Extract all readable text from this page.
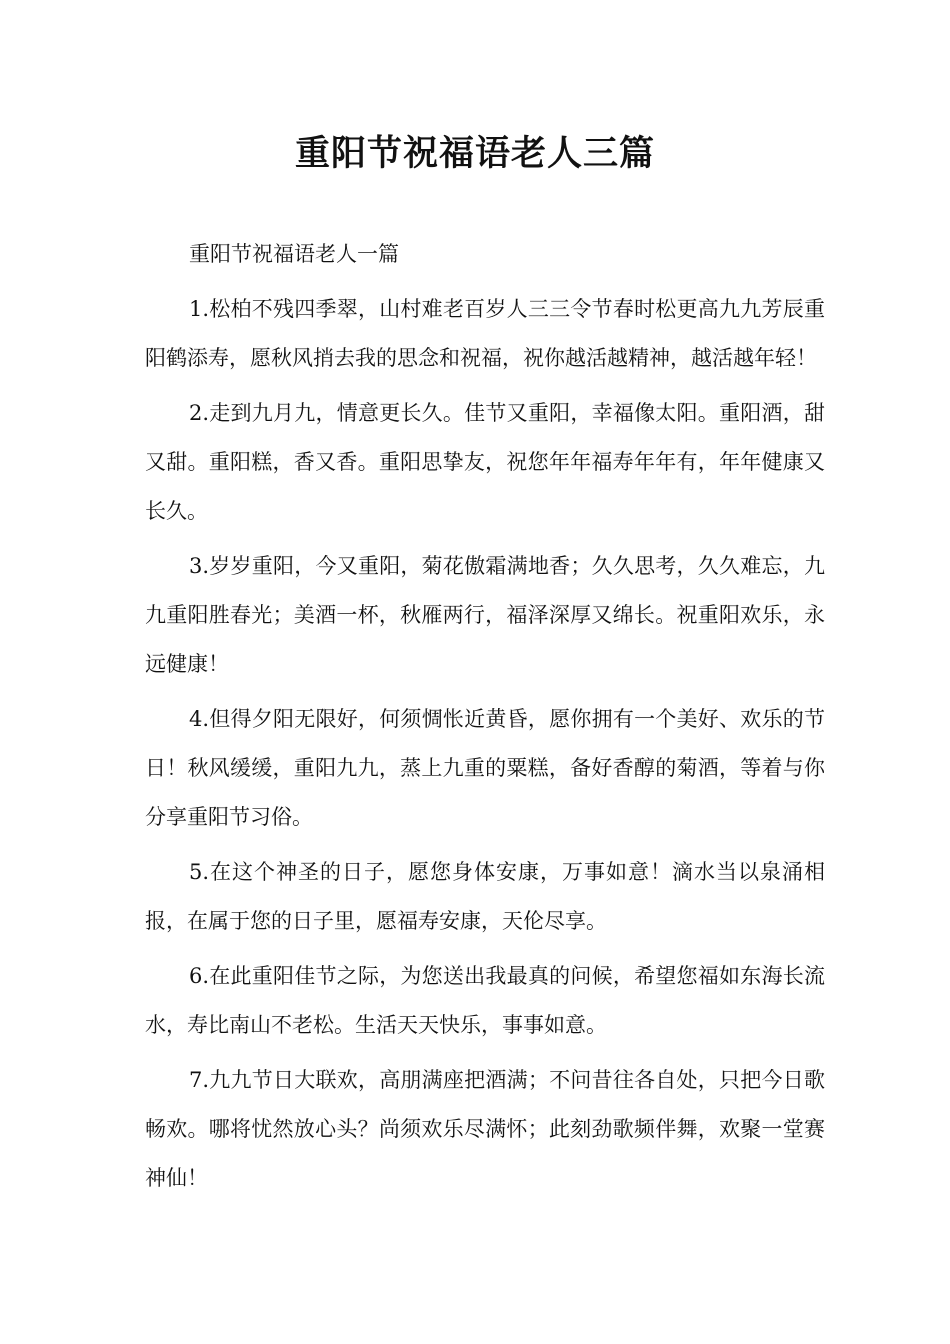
重阳节祝福语老人三篇

重阳节祝福语老人一篇

1.松柏不残四季翠，山村难老百岁人三三令节春时松更高九九芳辰重阳鹤添寿，愿秋风捎去我的思念和祝福，祝你越活越精神，越活越年轻！

2.走到九月九，情意更长久。佳节又重阳，幸福像太阳。重阳酒，甜又甜。重阳糕，香又香。重阳思挚友，祝您年年福寿年年有，年年健康又长久。

3.岁岁重阳，今又重阳，菊花傲霜满地香；久久思考，久久难忘，九九重阳胜春光；美酒一杯，秋雁两行，福泽深厚又绵长。祝重阳欢乐，永远健康！

4.但得夕阳无限好，何须惆怅近黄昏，愿你拥有一个美好、欢乐的节日！秋风缓缓，重阳九九，蒸上九重的粟糕，备好香醇的菊酒，等着与你分享重阳节习俗。

5.在这个神圣的日子，愿您身体安康，万事如意！滴水当以泉涌相报，在属于您的日子里，愿福寿安康，天伦尽享。

6.在此重阳佳节之际，为您送出我最真的问候，希望您福如东海长流水，寿比南山不老松。生活天天快乐，事事如意。

7.九九节日大联欢，高朋满座把酒满；不问昔往各自处，只把今日歌畅欢。哪将忧然放心头？尚须欢乐尽满怀；此刻劲歌频伴舞，欢聚一堂赛神仙！
